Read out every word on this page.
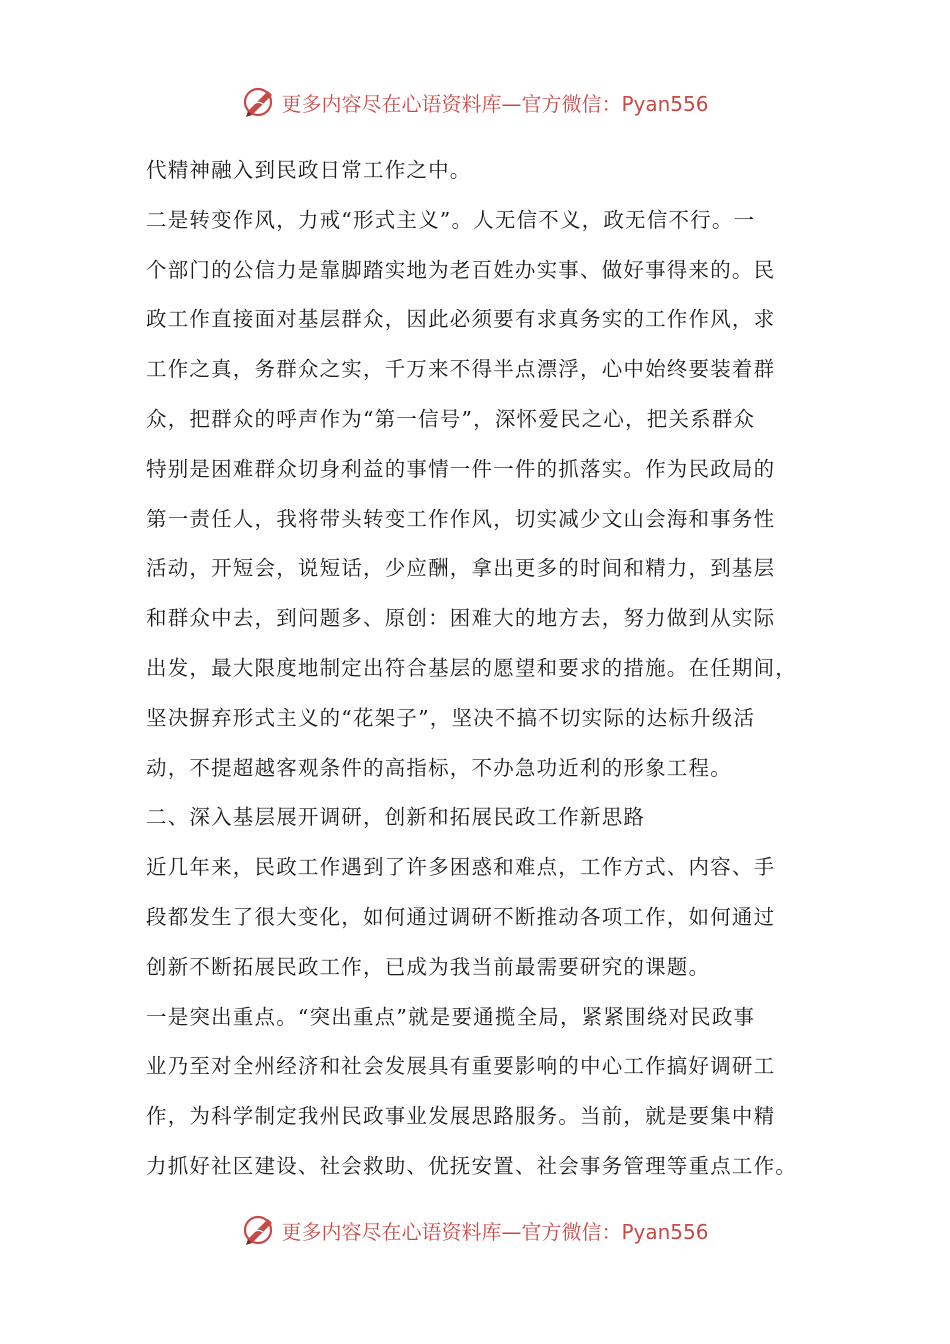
更多内容尽在心语资料库—官方微信：Pyan556
代精神融入到民政日常工作之中。
二是转变作风，力戒“形式主义”。人无信不义，政无信不行。一
个部门的公信力是靠脚踏实地为老百姓办实事、做好事得来的。民
政工作直接面对基层群众，因此必须要有求真务实的工作作风，求
工作之真，务群众之实，千万来不得半点漂浮，心中始终要装着群
众，把群众的呼声作为“第一信号”，深怀爱民之心，把关系群众
特别是困难群众切身利益的事情一件一件的抓落实。作为民政局的
第一责任人，我将带头转变工作作风，切实减少文山会海和事务性
活动，开短会，说短话，少应酬，拿出更多的时间和精力，到基层
和群众中去，到问题多、原创：困难大的地方去，努力做到从实际
出发，最大限度地制定出符合基层的愿望和要求的措施。在任期间，
坚决摒弃形式主义的“花架子”，坚决不搞不切实际的达标升级活
动，不提超越客观条件的高指标，不办急功近利的形象工程。
二、深入基层展开调研，创新和拓展民政工作新思路
近几年来，民政工作遇到了许多困惑和难点，工作方式、内容、手
段都发生了很大变化，如何通过调研不断推动各项工作，如何通过
创新不断拓展民政工作，已成为我当前最需要研究的课题。
一是突出重点。“突出重点”就是要通揽全局，紧紧围绕对民政事
业乃至对全州经济和社会发展具有重要影响的中心工作搞好调研工
作，为科学制定我州民政事业发展思路服务。当前，就是要集中精
力抓好社区建设、社会救助、优抚安置、社会事务管理等重点工作。
更多内容尽在心语资料库—官方微信：Pyan556
